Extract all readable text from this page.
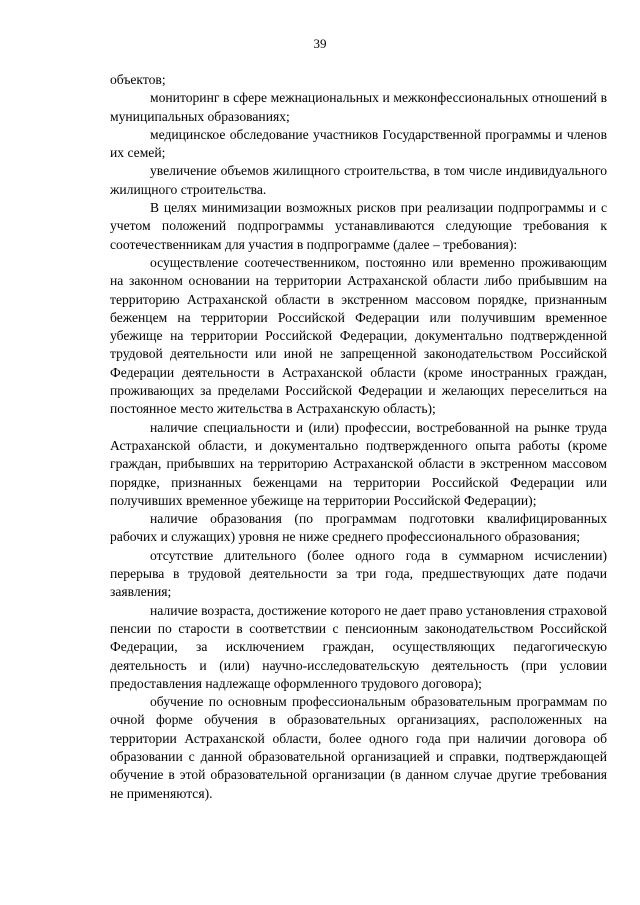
39

объектов;

мониторинг в сфере межнациональных и межконфессиональных отношений в муниципальных образованиях;

медицинское обследование участников Государственной программы и членов их семей;

увеличение объемов жилищного строительства, в том числе индивидуального жилищного строительства.

В целях минимизации возможных рисков при реализации подпрограммы и с учетом положений подпрограммы устанавливаются следующие требования к соотечественникам для участия в подпрограмме (далее – требования):

осуществление соотечественником, постоянно или временно проживающим на законном основании на территории Астраханской области либо прибывшим на территорию Астраханской области в экстренном массовом порядке, признанным беженцем на территории Российской Федерации или получившим временное убежище на территории Российской Федерации, документально подтвержденной трудовой деятельности или иной не запрещенной законодательством Российской Федерации деятельности в Астраханской области (кроме иностранных граждан, проживающих за пределами Российской Федерации и желающих переселиться на постоянное место жительства в Астраханскую область);

наличие специальности и (или) профессии, востребованной на рынке труда Астраханской области, и документально подтвержденного опыта работы (кроме граждан, прибывших на территорию Астраханской области в экстренном массовом порядке, признанных беженцами на территории Российской Федерации или получивших временное убежище на территории Российской Федерации);

наличие образования (по программам подготовки квалифицированных рабочих и служащих) уровня не ниже среднего профессионального образования;

отсутствие длительного (более одного года в суммарном исчислении) перерыва в трудовой деятельности за три года, предшествующих дате подачи заявления;

наличие возраста, достижение которого не дает право установления страховой пенсии по старости в соответствии с пенсионным законодательством Российской Федерации, за исключением граждан, осуществляющих педагогическую деятельность и (или) научно-исследовательскую деятельность (при условии предоставления надлежаще оформленного трудового договора);

обучение по основным профессиональным образовательным программам по очной форме обучения в образовательных организациях, расположенных на территории Астраханской области, более одного года при наличии договора об образовании с данной образовательной организацией и справки, подтверждающей обучение в этой образовательной организации (в данном случае другие требования не применяются).
